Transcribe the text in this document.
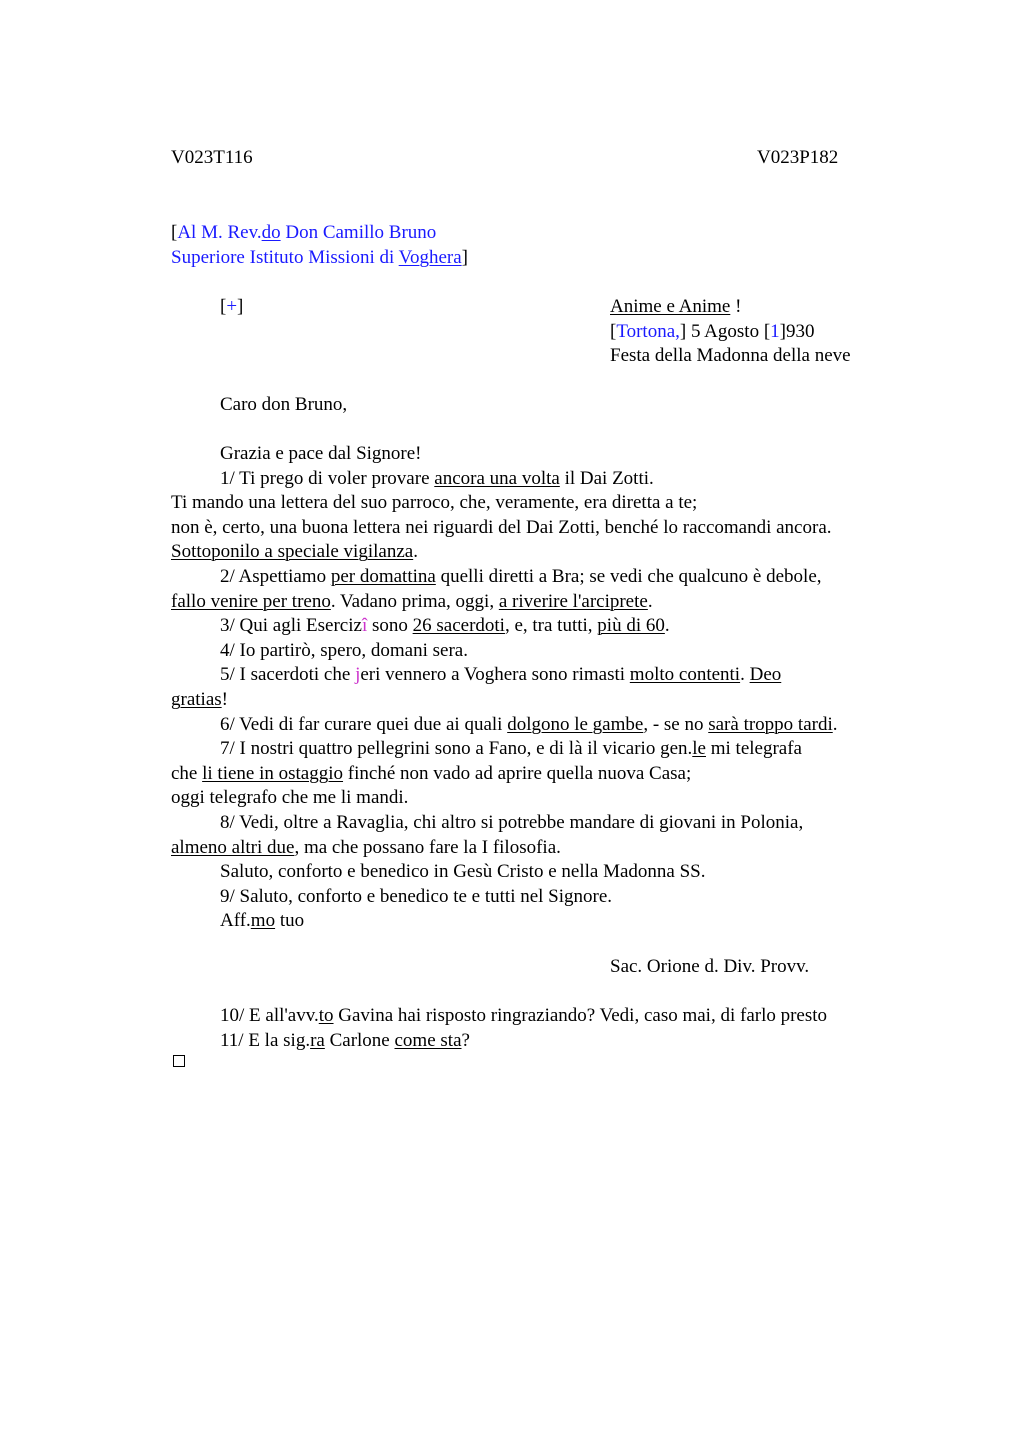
V023T116	V023P182
[Al M. Rev.do Don Camillo Bruno
Superiore Istituto Missioni di Voghera]
[+]	Anime e Anime !
[Tortona,] 5 Agosto [1]930
Festa della Madonna della neve
Caro don Bruno,
Grazia e pace dal Signore!
1/ Ti prego di voler provare ancora una volta il Dai Zotti.
Ti mando una lettera del suo parroco, che, veramente, era diretta a te;
non è, certo, una buona lettera nei riguardi del Dai Zotti, benché lo raccomandi ancora.
Sottoponilo a speciale vigilanza.
2/ Aspettiamo per domattina quelli diretti a Bra; se vedi che qualcuno è debole,
fallo venire per treno. Vadano prima, oggi, a riverire l'arciprete.
3/ Qui agli Esercizî sono 26 sacerdoti, e, tra tutti, più di 60.
4/ Io partirò, spero, domani sera.
5/ I sacerdoti che jeri vennero a Voghera sono rimasti molto contenti. Deo
gratias!
6/ Vedi di far curare quei due ai quali dolgono le gambe, - se no sarà troppo tardi.
7/ I nostri quattro pellegrini sono a Fano, e di là il vicario gen.le mi telegrafa
che li tiene in ostaggio finché non vado ad aprire quella nuova Casa;
oggi telegrafo che me li mandi.
8/ Vedi, oltre a Ravaglia, chi altro si potrebbe mandare di giovani in Polonia,
almeno altri due, ma che possano fare la I filosofia.
Saluto, conforto e benedico in Gesù Cristo e nella Madonna SS.
9/ Saluto, conforto e benedico te e tutti nel Signore.
Aff.mo tuo
Sac. Orione d. Div. Provv.
10/ E all'avv.to Gavina hai risposto ringraziando? Vedi, caso mai, di farlo presto
11/ E la sig.ra Carlone come sta?
